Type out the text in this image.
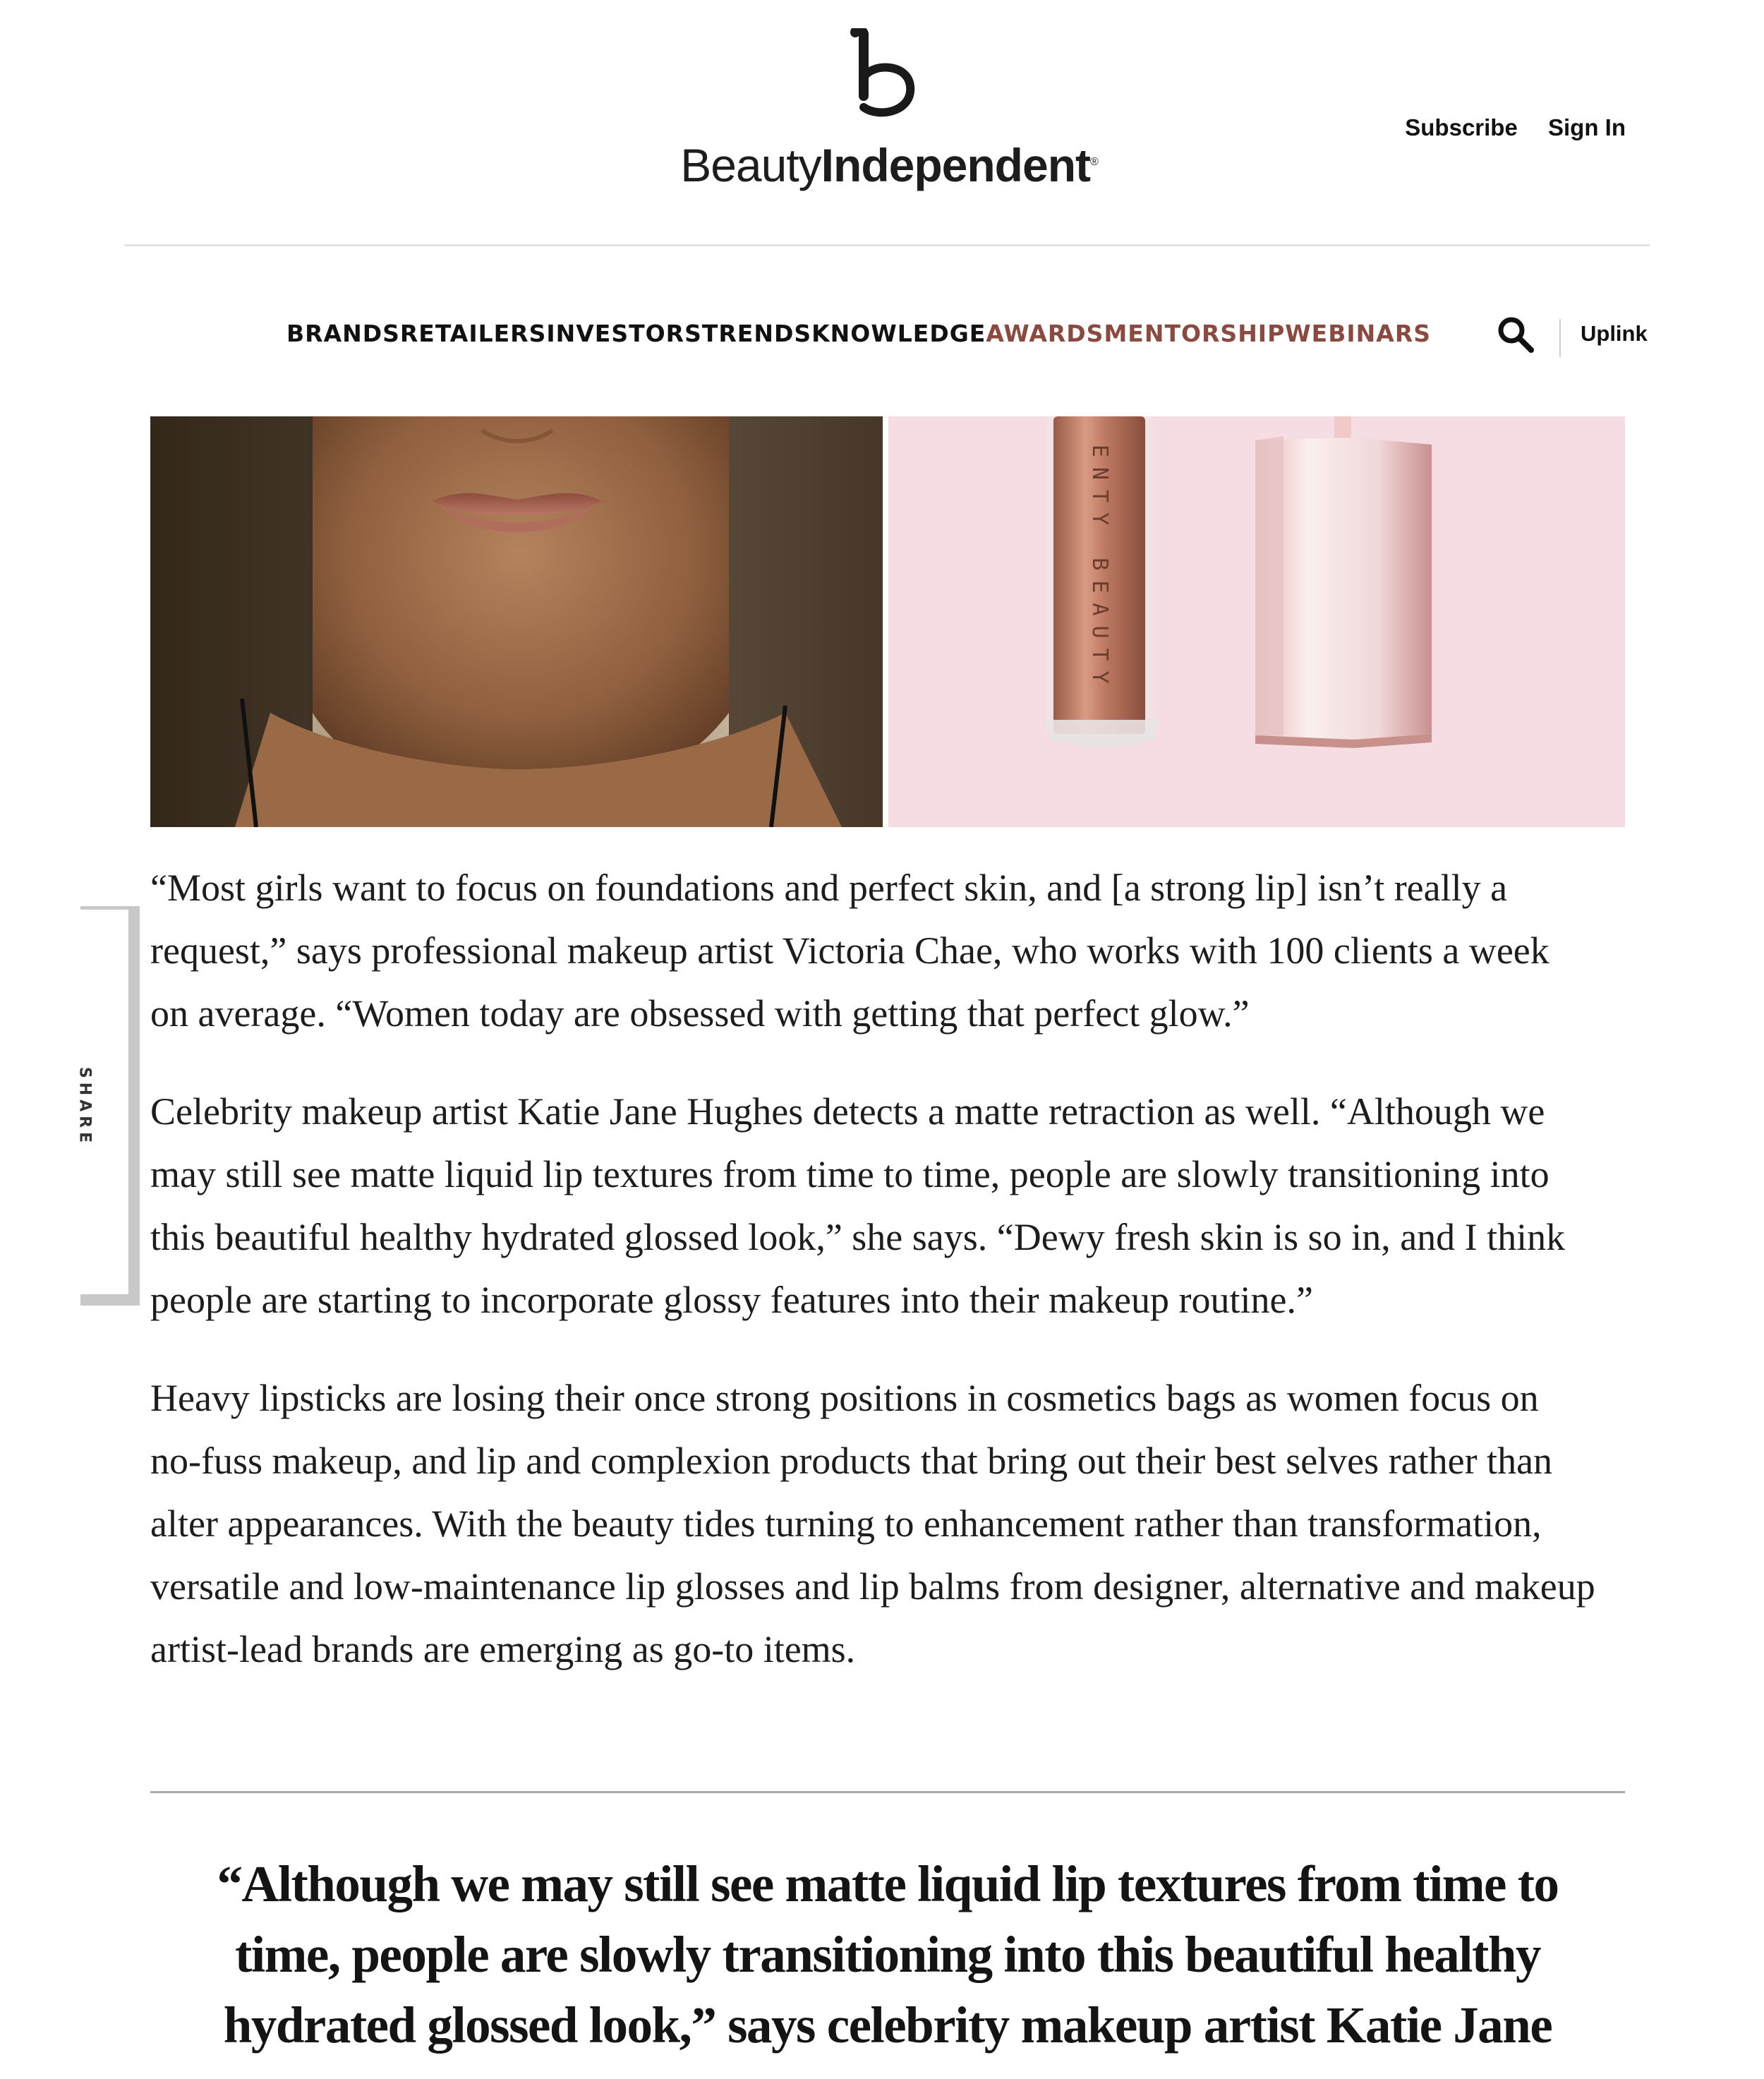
BeautyIndependent®
Subscribe Sign In
BRANDS RETAILERS INVESTORS TRENDS KNOWLEDGE AWARDS MENTORSHIP WEBINARS	Uplink
ENTY BEAUTY
SHARE

“Most girls want to focus on foundations and perfect skin, and [a strong lip] isn’t really a
request,” says professional makeup artist Victoria Chae, who works with 100 clients a week
on average. “Women today are obsessed with getting that perfect glow.”

Celebrity makeup artist Katie Jane Hughes detects a matte retraction as well. “Although we
may still see matte liquid lip textures from time to time, people are slowly transitioning into
this beautiful healthy hydrated glossed look,” she says. “Dewy fresh skin is so in, and I think
people are starting to incorporate glossy features into their makeup routine.”

Heavy lipsticks are losing their once strong positions in cosmetics bags as women focus on
no-fuss makeup, and lip and complexion products that bring out their best selves rather than
alter appearances. With the beauty tides turning to enhancement rather than transformation,
versatile and low-maintenance lip glosses and lip balms from designer, alternative and makeup
artist-lead brands are emerging as go-to items.

“Although we may still see matte liquid lip textures from time to
time, people are slowly transitioning into this beautiful healthy
hydrated glossed look,” says celebrity makeup artist Katie Jane
